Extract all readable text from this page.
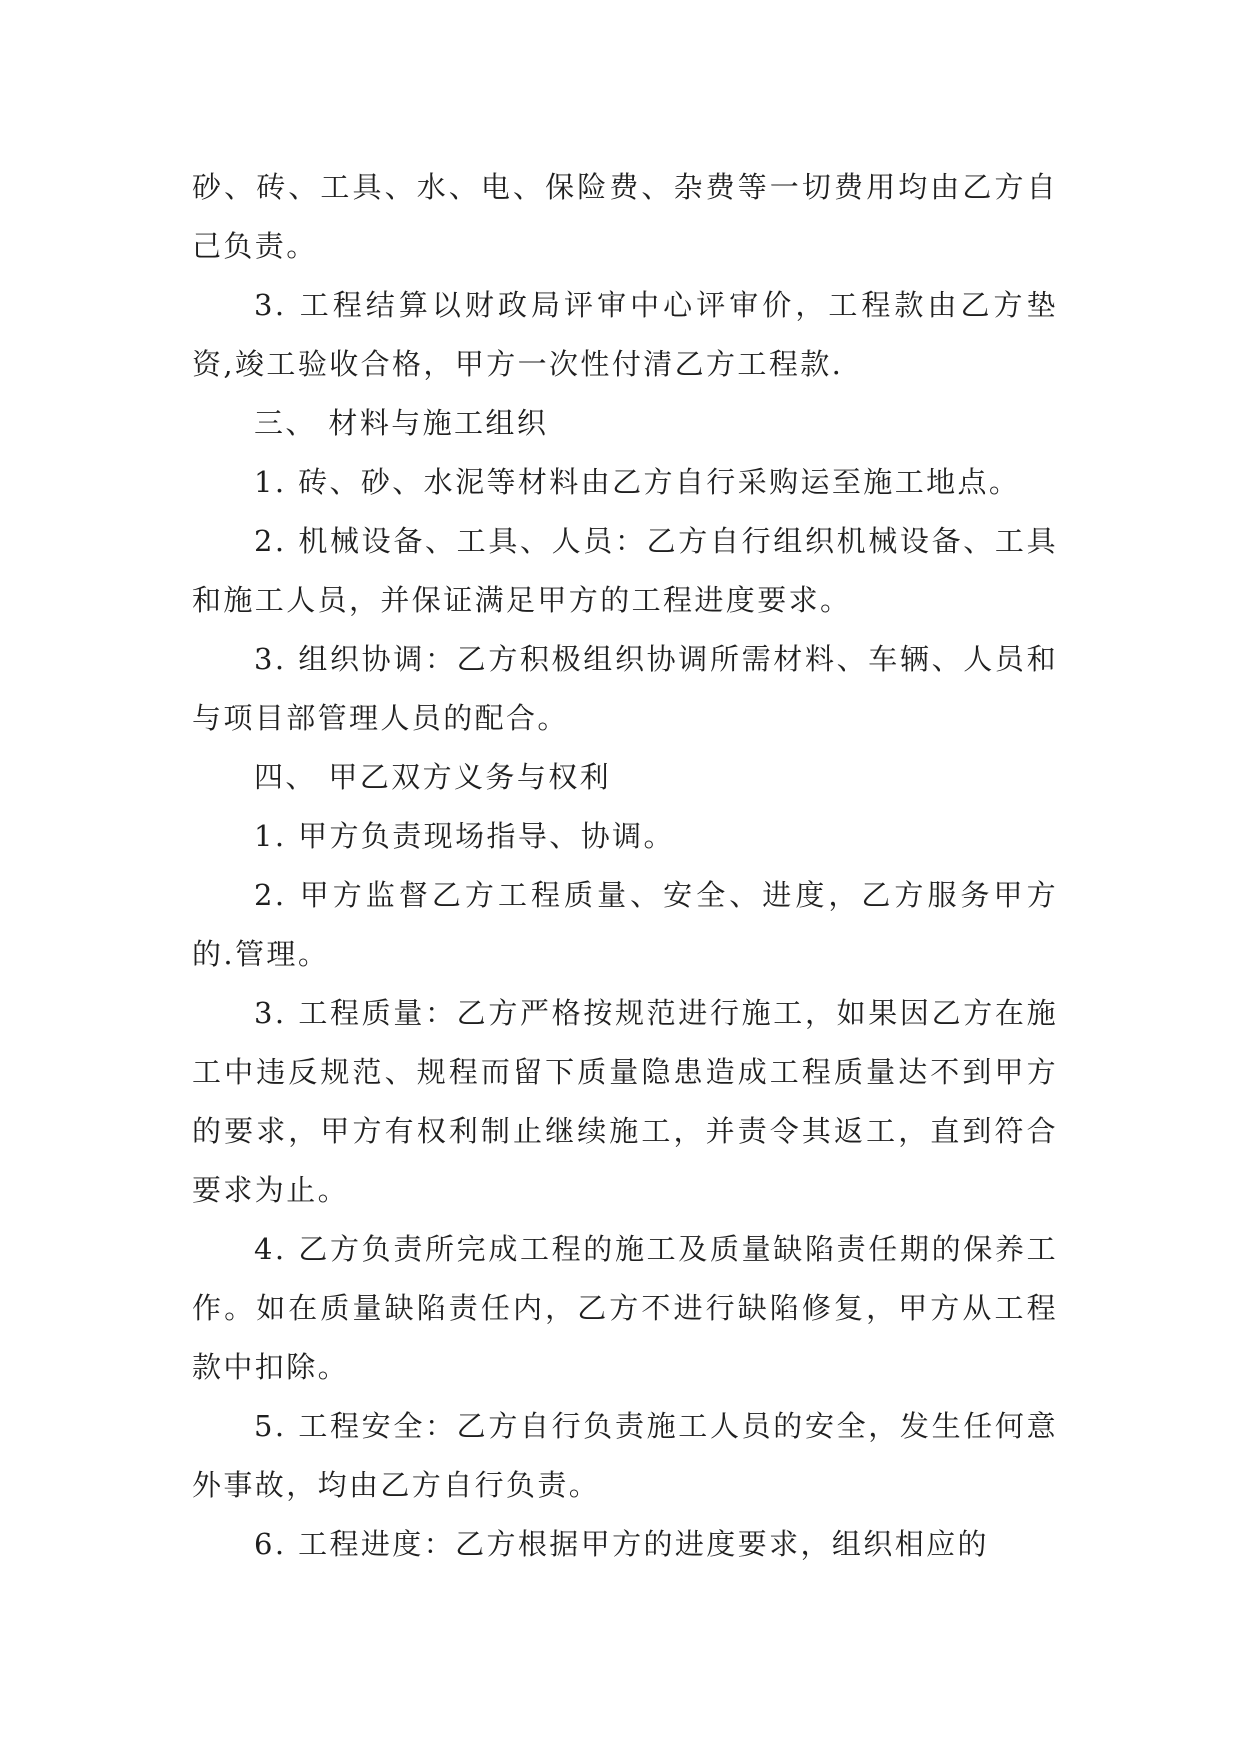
砂、砖、工具、水、电、保险费、杂费等一切费用均由乙方自己负责。

3. 工程结算以财政局评审中心评审价，工程款由乙方垫资,竣工验收合格，甲方一次性付清乙方工程款.

三、 材料与施工组织

1. 砖、砂、水泥等材料由乙方自行采购运至施工地点。

2. 机械设备、工具、人员：乙方自行组织机械设备、工具和施工人员，并保证满足甲方的工程进度要求。

3. 组织协调：乙方积极组织协调所需材料、车辆、人员和与项目部管理人员的配合。

四、 甲乙双方义务与权利

1. 甲方负责现场指导、协调。

2. 甲方监督乙方工程质量、安全、进度，乙方服务甲方的.管理。

3. 工程质量：乙方严格按规范进行施工，如果因乙方在施工中违反规范、规程而留下质量隐患造成工程质量达不到甲方的要求，甲方有权利制止继续施工，并责令其返工，直到符合要求为止。

4. 乙方负责所完成工程的施工及质量缺陷责任期的保养工作。如在质量缺陷责任内，乙方不进行缺陷修复，甲方从工程款中扣除。

5. 工程安全：乙方自行负责施工人员的安全，发生任何意外事故，均由乙方自行负责。

6. 工程进度：乙方根据甲方的进度要求，组织相应的
